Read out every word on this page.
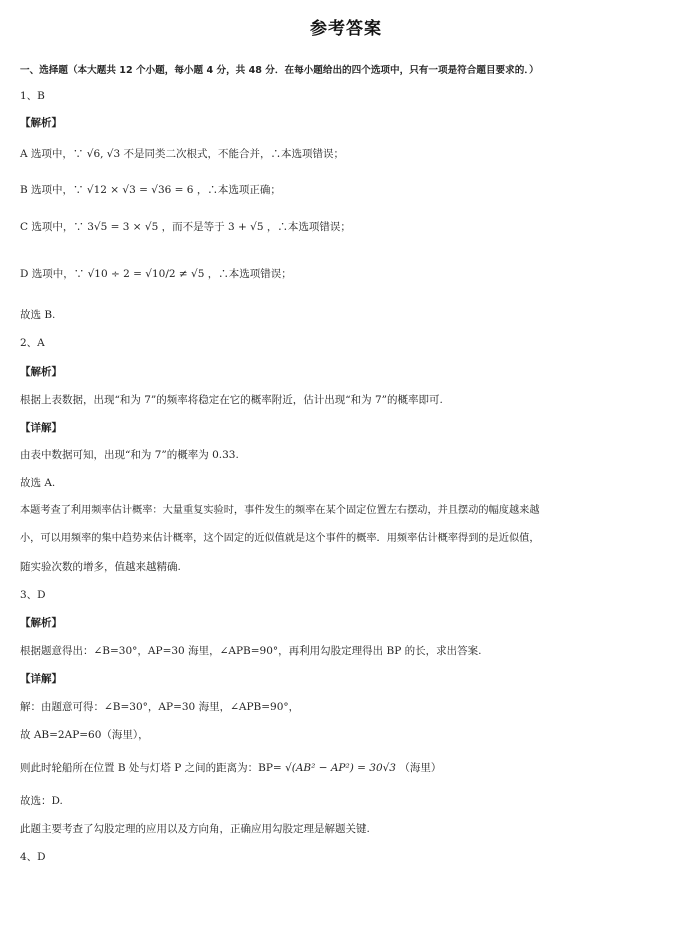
参考答案
一、选择题（本大题共 12 个小题，每小题 4 分，共 48 分．在每小题给出的四个选项中，只有一项是符合题目要求的．）
1、B
【解析】
A 选项中，∵ √6, √3 不是同类二次根式，不能合并，∴本选项错误；
B 选项中，∵ √12 × √3 = √36 = 6 ，∴本选项正确；
C 选项中，∵ 3√5 = 3 × √5 ，而不是等于 3 + √5 ，∴本选项错误；
D 选项中，∵ √10 ÷ 2 = √10/2 ≠ √5 ，∴本选项错误；
故选 B.
2、A
【解析】
根据上表数据，出现“和为 7”的频率将稳定在它的概率附近，估计出现“和为 7”的概率即可.
【详解】
由表中数据可知，出现“和为 7”的概率为 0.33.
故选 A.
本题考查了利用频率估计概率：大量重复实验时，事件发生的频率在某个固定位置左右摆动，并且摆动的幅度越来越
小，可以用频率的集中趋势来估计概率，这个固定的近似值就是这个事件的概率．用频率估计概率得到的是近似值，
随实验次数的增多，值越来越精确.
3、D
【解析】
根据题意得出：∠B=30°，AP=30 海里，∠APB=90°，再利用勾股定理得出 BP 的长，求出答案.
【详解】
解：由题意可得：∠B=30°，AP=30 海里，∠APB=90°，
故 AB=2AP=60（海里），
则此时轮船所在位置 B 处与灯塔 P 之间的距离为：BP= √(AB² − AP²) = 30√3 （海里）
故选：D.
此题主要考查了勾股定理的应用以及方向角，正确应用勾股定理是解题关键.
4、D
